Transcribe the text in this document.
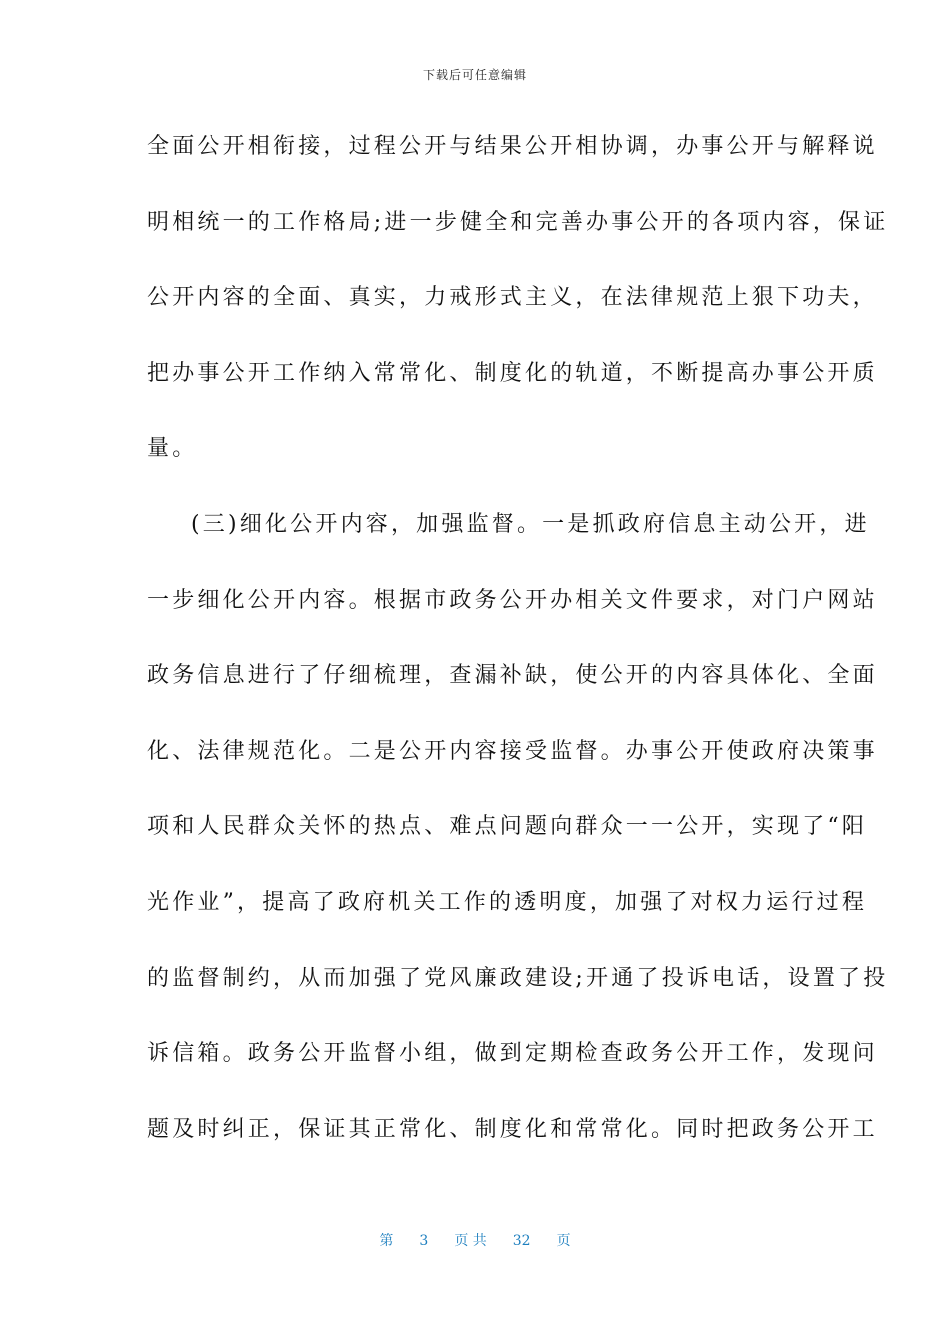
下载后可任意编辑
全面公开相衔接，过程公开与结果公开相协调，办事公开与解释说
明相统一的工作格局;进一步健全和完善办事公开的各项内容，保证
公开内容的全面、真实，力戒形式主义，在法律规范上狠下功夫，
把办事公开工作纳入常常化、制度化的轨道，不断提高办事公开质
量。
(三)细化公开内容，加强监督。一是抓政府信息主动公开，进
一步细化公开内容。根据市政务公开办相关文件要求，对门户网站
政务信息进行了仔细梳理，查漏补缺，使公开的内容具体化、全面
化、法律规范化。二是公开内容接受监督。办事公开使政府决策事
项和人民群众关怀的热点、难点问题向群众一一公开，实现了“阳
光作业”，提高了政府机关工作的透明度，加强了对权力运行过程
的监督制约，从而加强了党风廉政建设;开通了投诉电话，设置了投
诉信箱。政务公开监督小组，做到定期检查政务公开工作，发现问
题及时纠正，保证其正常化、制度化和常常化。同时把政务公开工
第 3 页 共 32 页
